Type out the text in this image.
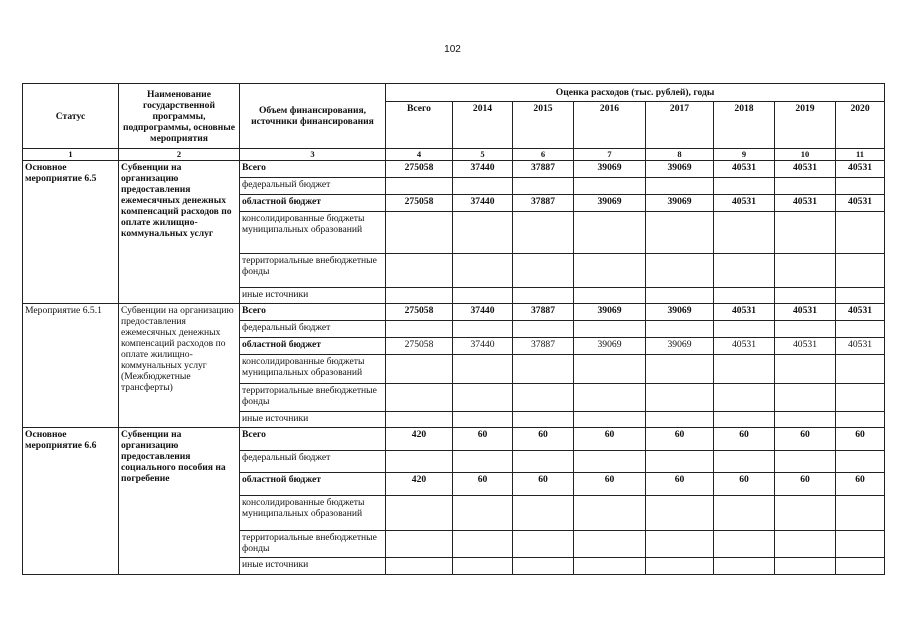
102
Статус	Наименование государственной программы, подпрограммы, основные мероприятия	Объем финансирования, источники финансирования	Оценка расходов (тыс. рублей), годы							
			Всего	2014	2015	2016	2017	2018	2019	2020
1	2	3	4	5	6	7	8	9	10	11
Основное мероприятие 6.5	Субвенции на организацию предоставления ежемесячных денежных компенсаций расходов по оплате жилищно-коммунальных услуг	Всего	275058	37440	37887	39069	39069	40531	40531	40531
		федеральный бюджет								
		областной бюджет	275058	37440	37887	39069	39069	40531	40531	40531
		консолидированные бюджеты муниципальных образований								
		территориальные внебюджетные фонды								
		иные источники								
Мероприятие 6.5.1	Субвенции на организацию предоставления ежемесячных денежных компенсаций расходов по оплате жилищно-коммунальных услуг (Межбюджетные трансферты)	Всего	275058	37440	37887	39069	39069	40531	40531	40531
		федеральный бюджет								
		областной бюджет	275058	37440	37887	39069	39069	40531	40531	40531
		консолидированные бюджеты муниципальных образований								
		территориальные внебюджетные фонды								
		иные источники								
Основное мероприятие 6.6	Субвенции на организацию предоставления социального пособия на погребение	Всего	420	60	60	60	60	60	60	60
		федеральный бюджет								
		областной бюджет	420	60	60	60	60	60	60	60
		консолидированные бюджеты муниципальных образований								
		территориальные внебюджетные фонды								
		иные источники								
